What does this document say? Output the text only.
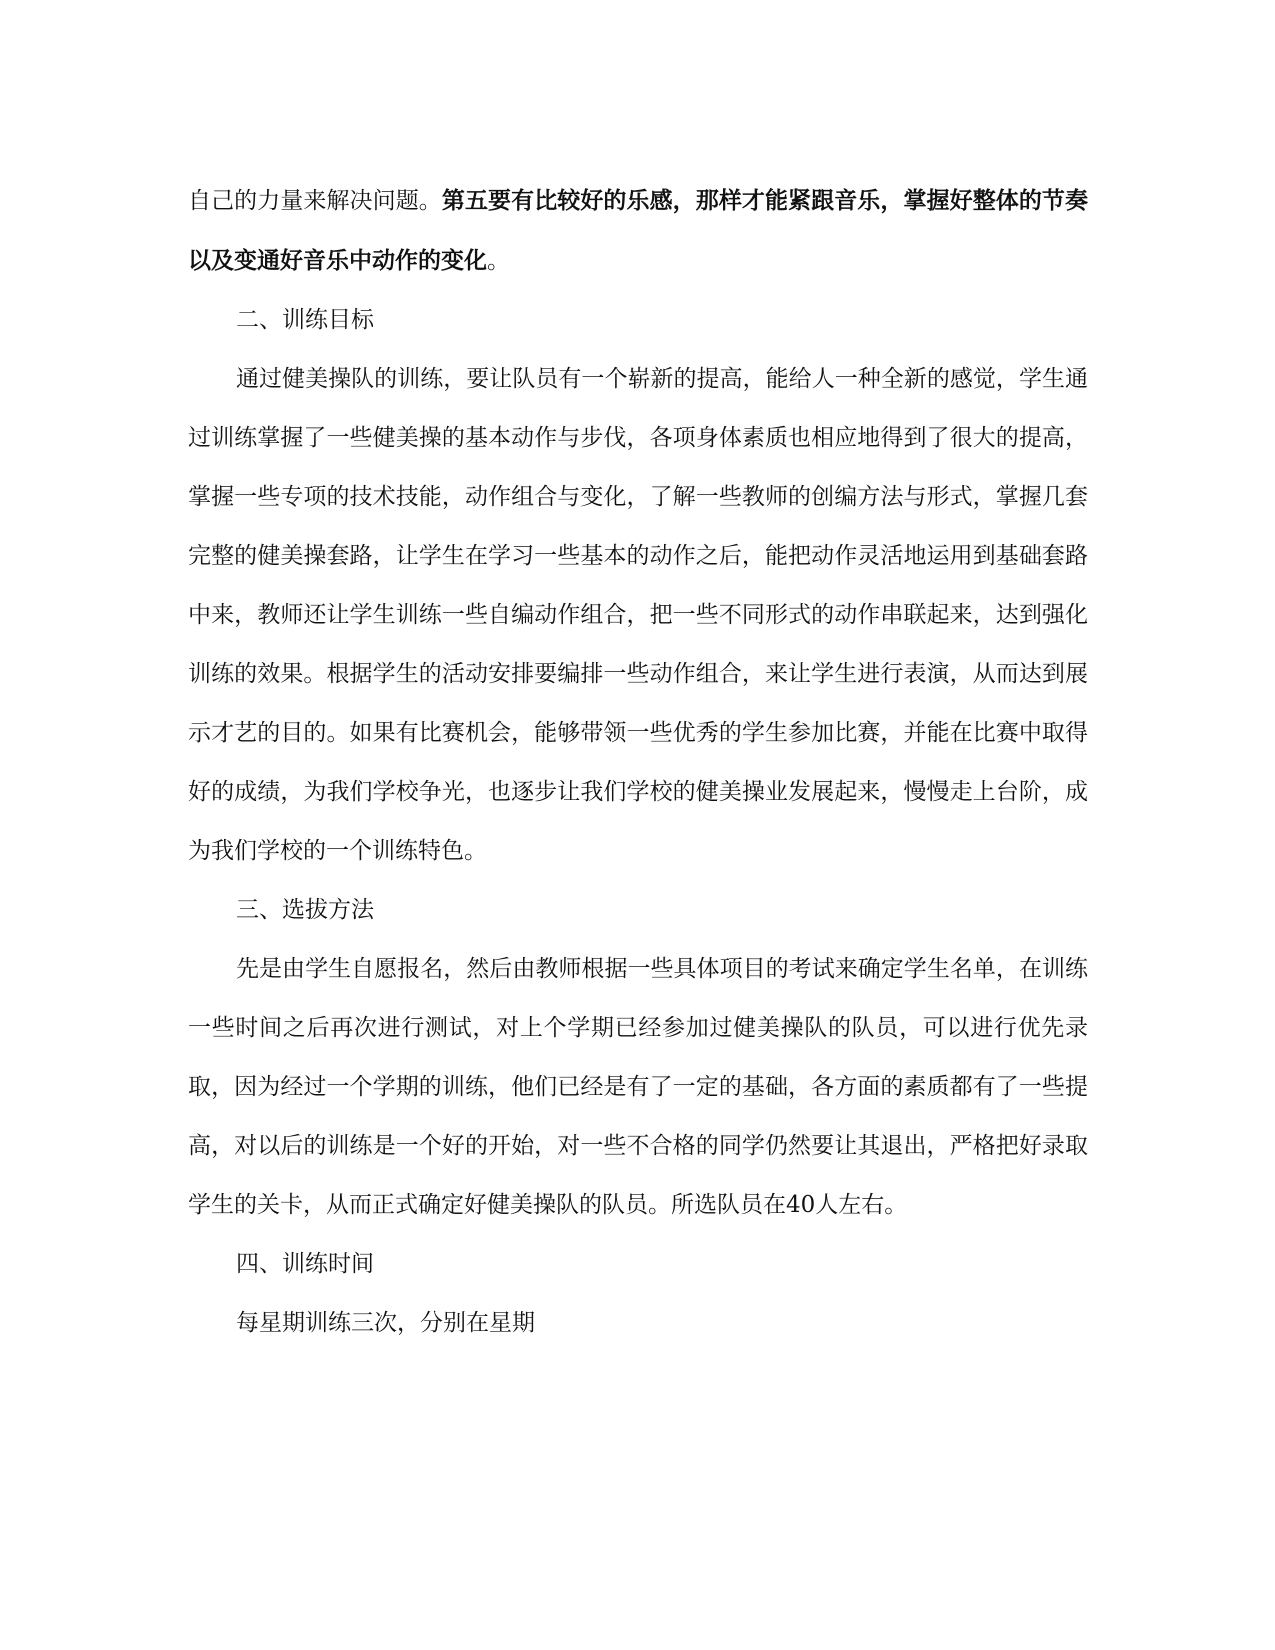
自己的力量来解决问题。第五要有比较好的乐感，那样才能紧跟音乐，掌握好整体的节奏以及变通好音乐中动作的变化。

二、训练目标

通过健美操队的训练，要让队员有一个崭新的提高，能给人一种全新的感觉，学生通过训练掌握了一些健美操的基本动作与步伐，各项身体素质也相应地得到了很大的提高，掌握一些专项的技术技能，动作组合与变化，了解一些教师的创编方法与形式，掌握几套完整的健美操套路，让学生在学习一些基本的动作之后，能把动作灵活地运用到基础套路中来，教师还让学生训练一些自编动作组合，把一些不同形式的动作串联起来，达到强化训练的效果。根据学生的活动安排要编排一些动作组合，来让学生进行表演，从而达到展示才艺的目的。如果有比赛机会，能够带领一些优秀的学生参加比赛，并能在比赛中取得好的成绩，为我们学校争光，也逐步让我们学校的健美操业发展起来，慢慢走上台阶，成为我们学校的一个训练特色。

三、选拔方法

先是由学生自愿报名，然后由教师根据一些具体项目的考试来确定学生名单，在训练一些时间之后再次进行测试，对上个学期已经参加过健美操队的队员，可以进行优先录取，因为经过一个学期的训练，他们已经是有了一定的基础，各方面的素质都有了一些提高，对以后的训练是一个好的开始，对一些不合格的同学仍然要让其退出，严格把好录取学生的关卡，从而正式确定好健美操队的队员。所选队员在40人左右。

四、训练时间

每星期训练三次，分别在星期
